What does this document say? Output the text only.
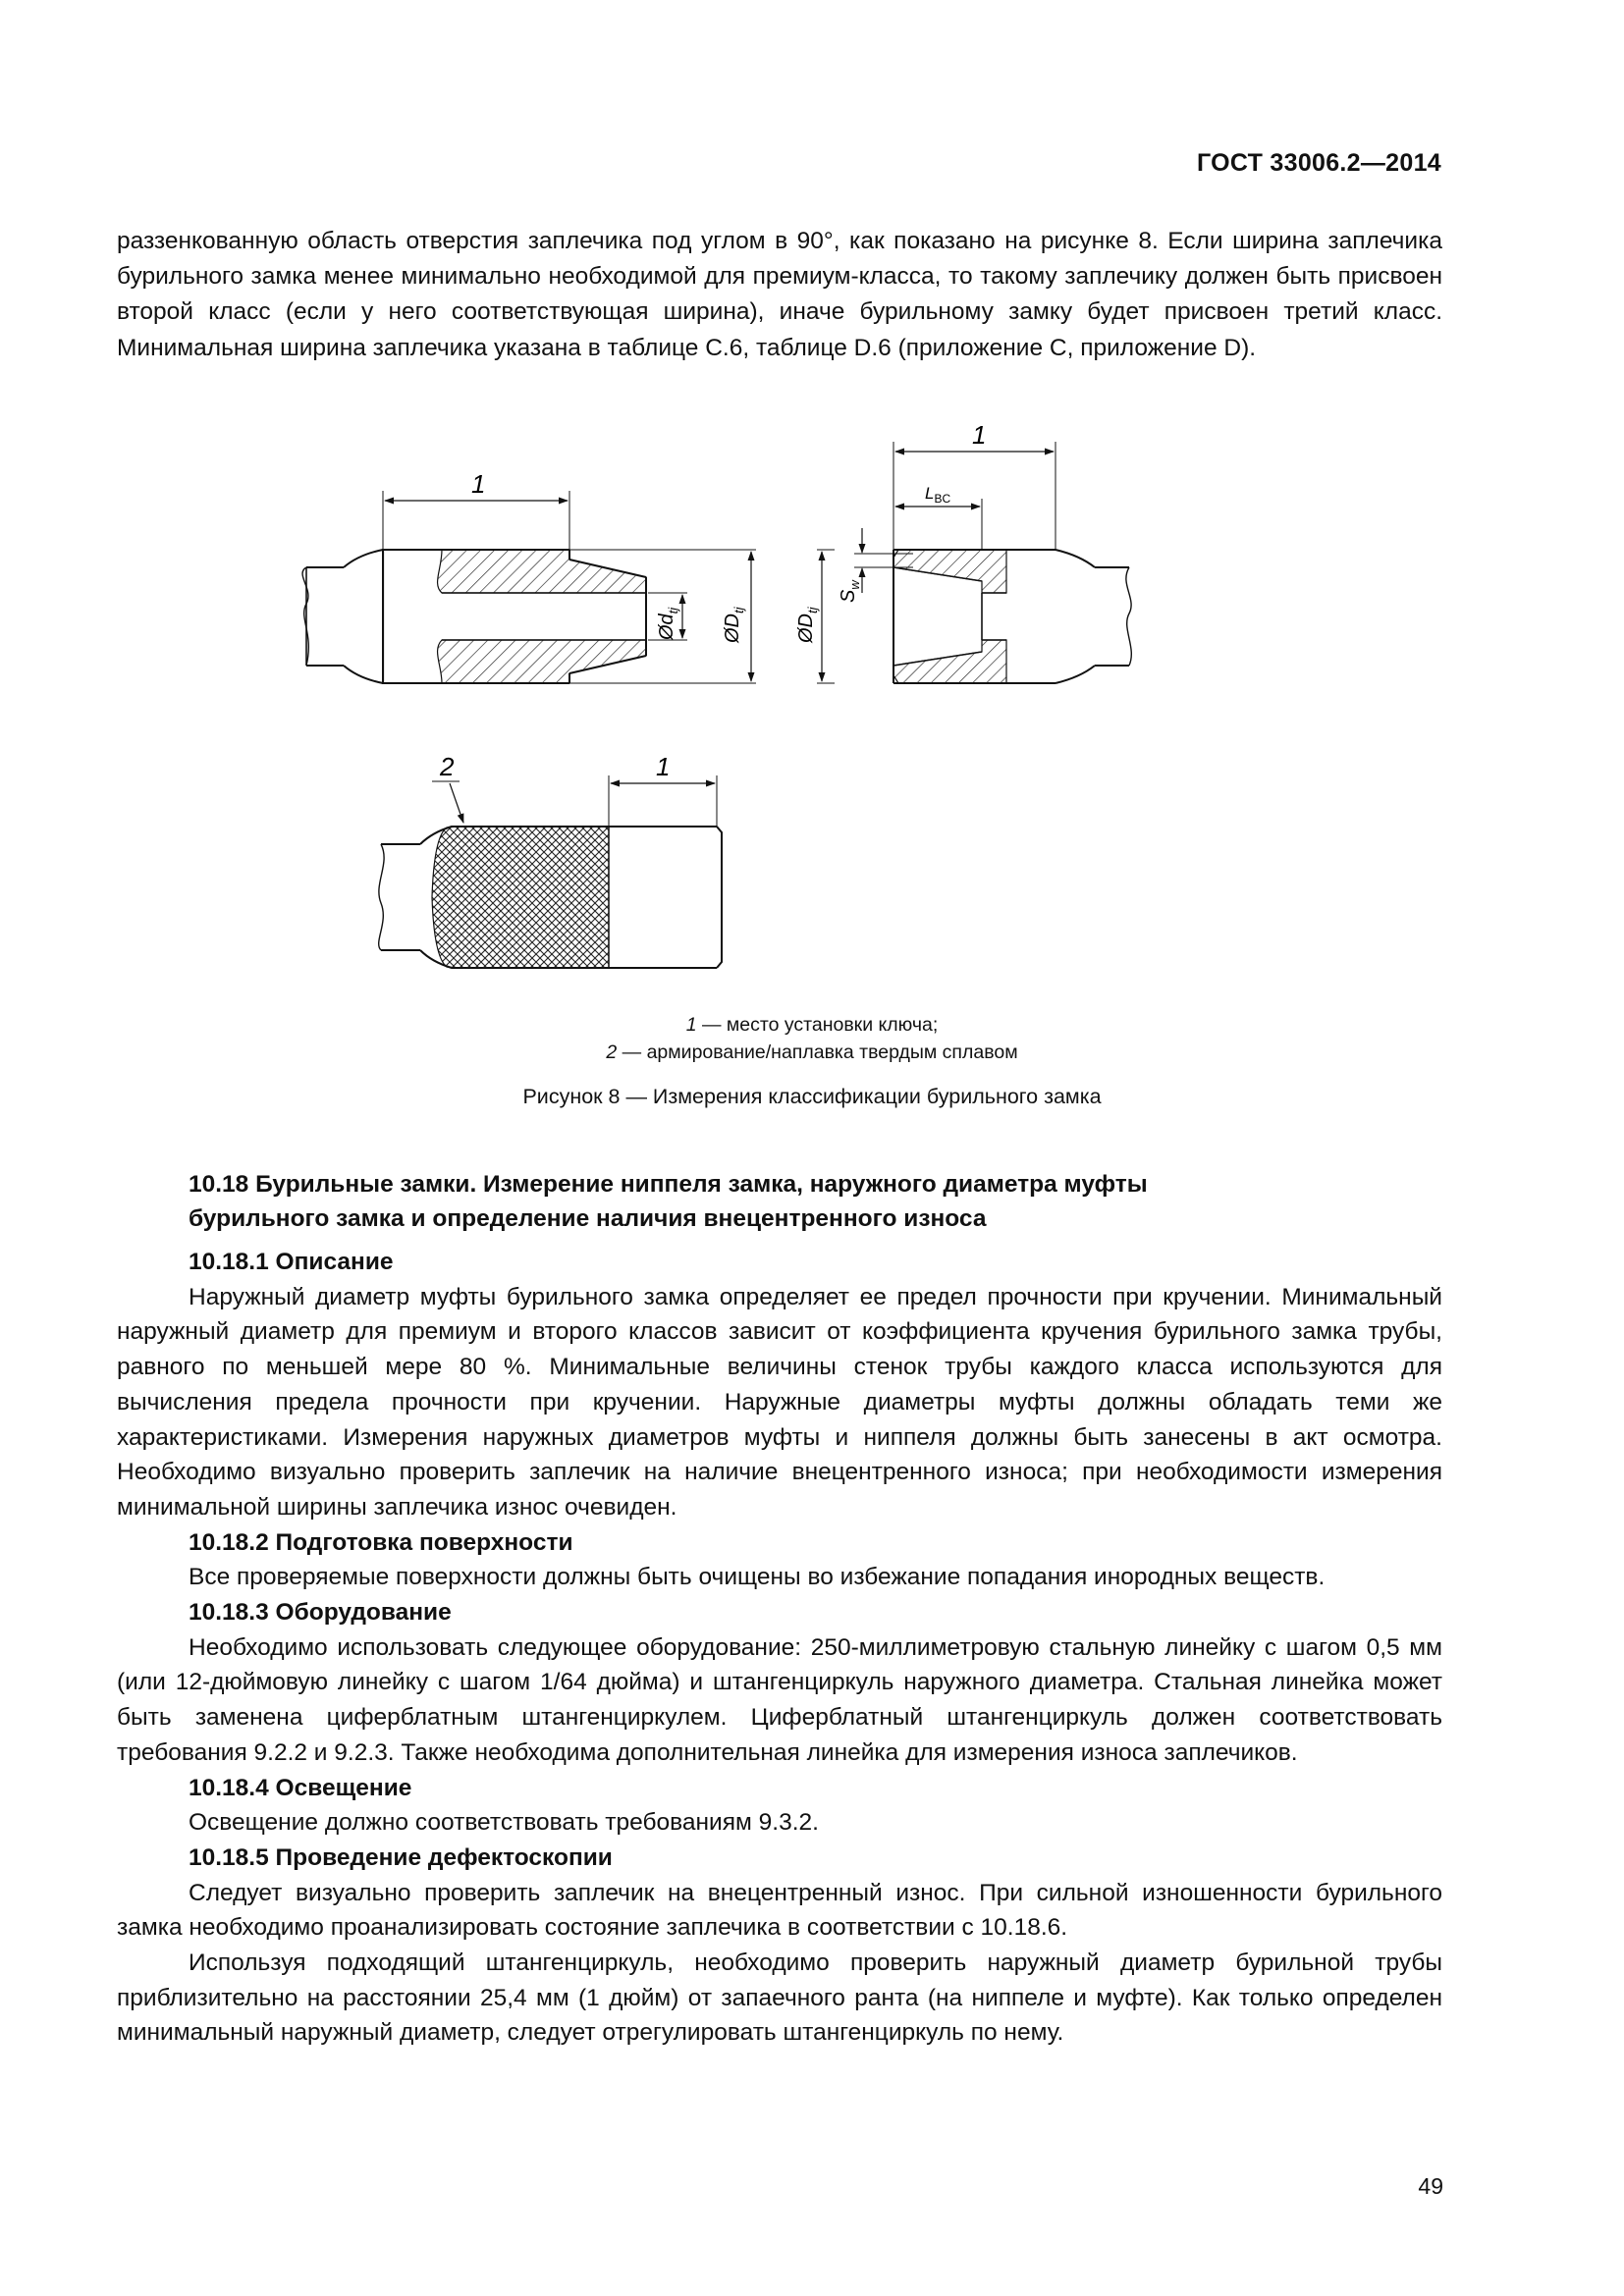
ГОСТ 33006.2—2014
раззенкованную область отверстия заплечика под углом в 90°, как показано на рисунке 8. Если ширина заплечика бурильного замка менее минимально необходимой для премиум-класса, то такому заплечику должен быть присвоен второй класс (если у него соответствующая ширина), иначе бурильному замку будет присвоен третий класс. Минимальная ширина заплечика указана в таблице С.6, таблице D.6 (приложение С, приложение D).
1
$Ød_{tj}$
$ØD_{tj}$
$ØD_{tj}$
$S_w$
1
$L_{BC}$
2	1
1 — место установки ключа;
2 — армирование/наплавка твердым сплавом
Рисунок 8 — Измерения классификации бурильного замка
10.18 Бурильные замки. Измерение ниппеля замка, наружного диаметра муфты
бурильного замка и определение наличия внецентренного износа
10.18.1 Описание

Наружный диаметр муфты бурильного замка определяет ее предел прочности при кручении. Минимальный наружный диаметр для премиум и второго классов зависит от коэффициента кручения бурильного замка трубы, равного по меньшей мере 80 %. Минимальные величины стенок трубы каждого класса используются для вычисления предела прочности при кручении. Наружные диаметры муфты должны обладать теми же характеристиками. Измерения наружных диаметров муфты и ниппеля должны быть занесены в акт осмотра. Необходимо визуально проверить заплечик на наличие внецентренного износа; при необходимости измерения минимальной ширины заплечика износ очевиден.

10.18.2 Подготовка поверхности

Все проверяемые поверхности должны быть очищены во избежание попадания инородных веществ.

10.18.3 Оборудование

Необходимо использовать следующее оборудование: 250-миллиметровую стальную линейку с шагом 0,5 мм (или 12-дюймовую линейку с шагом 1/64 дюйма) и штангенциркуль наружного диаметра. Стальная линейка может быть заменена циферблатным штангенциркулем. Циферблатный штангенциркуль должен соответствовать требования 9.2.2 и 9.2.3. Также необходима дополнительная линейка для измерения износа заплечиков.

10.18.4 Освещение

Освещение должно соответствовать требованиям 9.3.2.

10.18.5 Проведение дефектоскопии

Следует визуально проверить заплечик на внецентренный износ. При сильной изношенности бурильного замка необходимо проанализировать состояние заплечика в соответствии с 10.18.6.

Используя подходящий штангенциркуль, необходимо проверить наружный диаметр бурильной трубы приблизительно на расстоянии 25,4 мм (1 дюйм) от запаечного ранта (на ниппеле и муфте). Как только определен минимальный наружный диаметр, следует отрегулировать штангенциркуль по нему.

49
